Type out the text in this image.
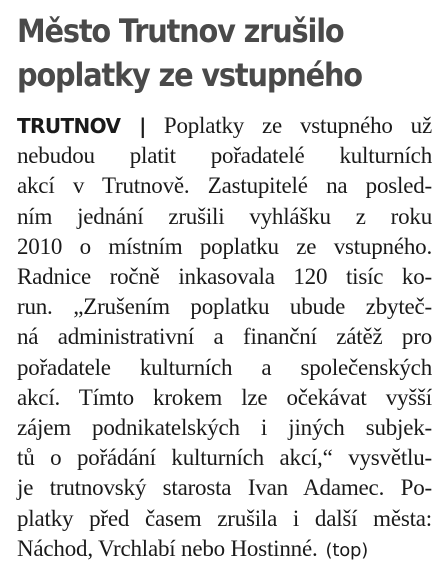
Město Trutnov zrušilo
poplatky ze vstupného
TRUTNOV | Poplatky ze vstupného už
nebudou platit pořadatelé kulturních
akcí v Trutnově. Zastupitelé na posled-
ním jednání zrušili vyhlášku z roku
2010 o místním poplatku ze vstupného.
Radnice ročně inkasovala 120 tisíc ko-
run. „Zrušením poplatku ubude zbyteč-
ná administrativní a finanční zátěž pro
pořadatele kulturních a společenských
akcí. Tímto krokem lze očekávat vyšší
zájem podnikatelských i jiných subjek-
tů o pořádání kulturních akcí,“ vysvětlu-
je trutnovský starosta Ivan Adamec. Po-
platky před časem zrušila i další města:
Náchod, Vrchlabí nebo Hostinné. (top)
